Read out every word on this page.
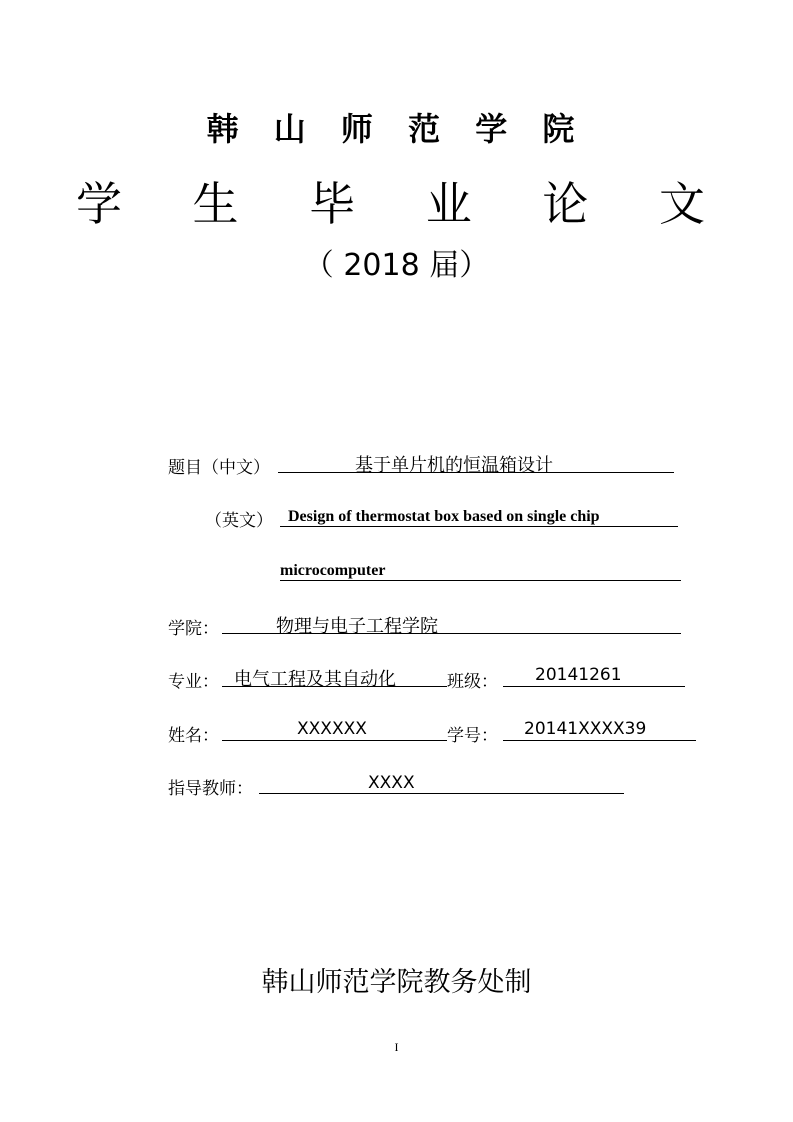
韩 山 师 范 学 院
学 生 毕 业 论 文
（ 2018 届）
题目（中文）	基于单片机的恒温箱设计
（英文） Design of thermostat box based on single chip
microcomputer
学院：	物理与电子工程学院
专业： 电气工程及其自动化	班级： 20141261
姓名：	XXXXXX	学号： 20141XXXX39
指导教师：	XXXX
韩山师范学院教务处制
I
